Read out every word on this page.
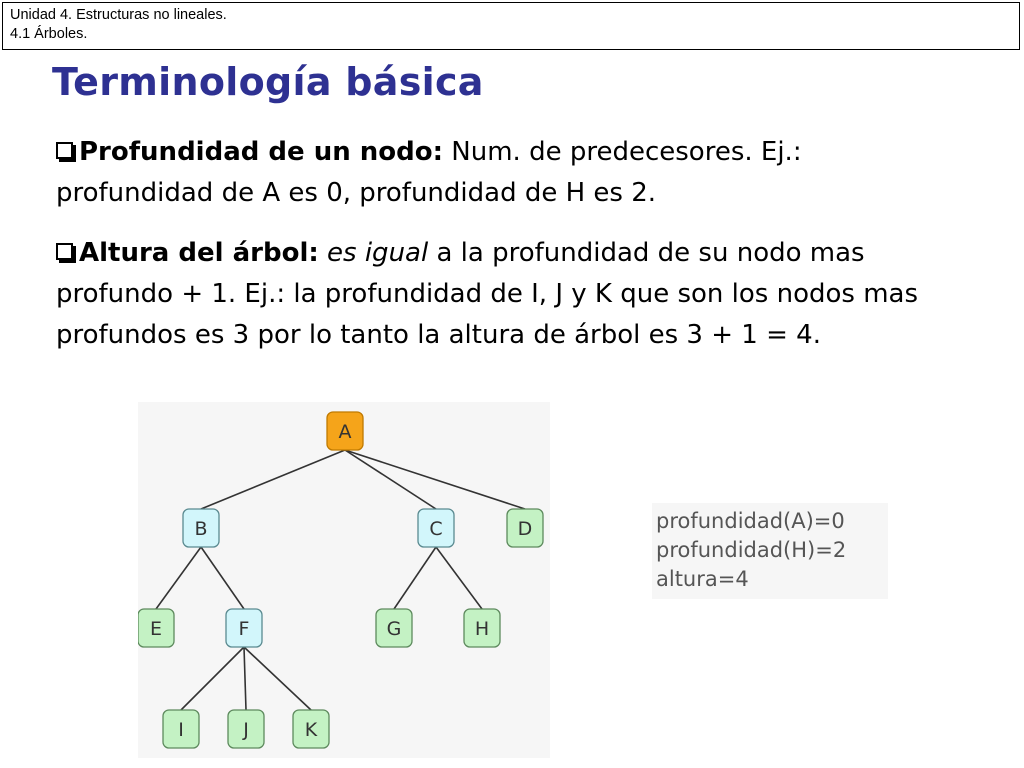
Unidad 4. Estructuras no lineales.
4.1 Árboles.
Terminología básica

Profundidad de un nodo: Num. de predecesores. Ej.: profundidad de A es 0, profundidad de H es 2.

Altura del árbol: es igual a la profundidad de su nodo mas profundo + 1. Ej.: la profundidad de I, J y K que son los nodos mas profundos es 3 por lo tanto la altura de árbol es 3 + 1 = 4.

A
B	C	D
E	F	G	H
I	J	K
profundidad(A)=0
profundidad(H)=2
altura=4
